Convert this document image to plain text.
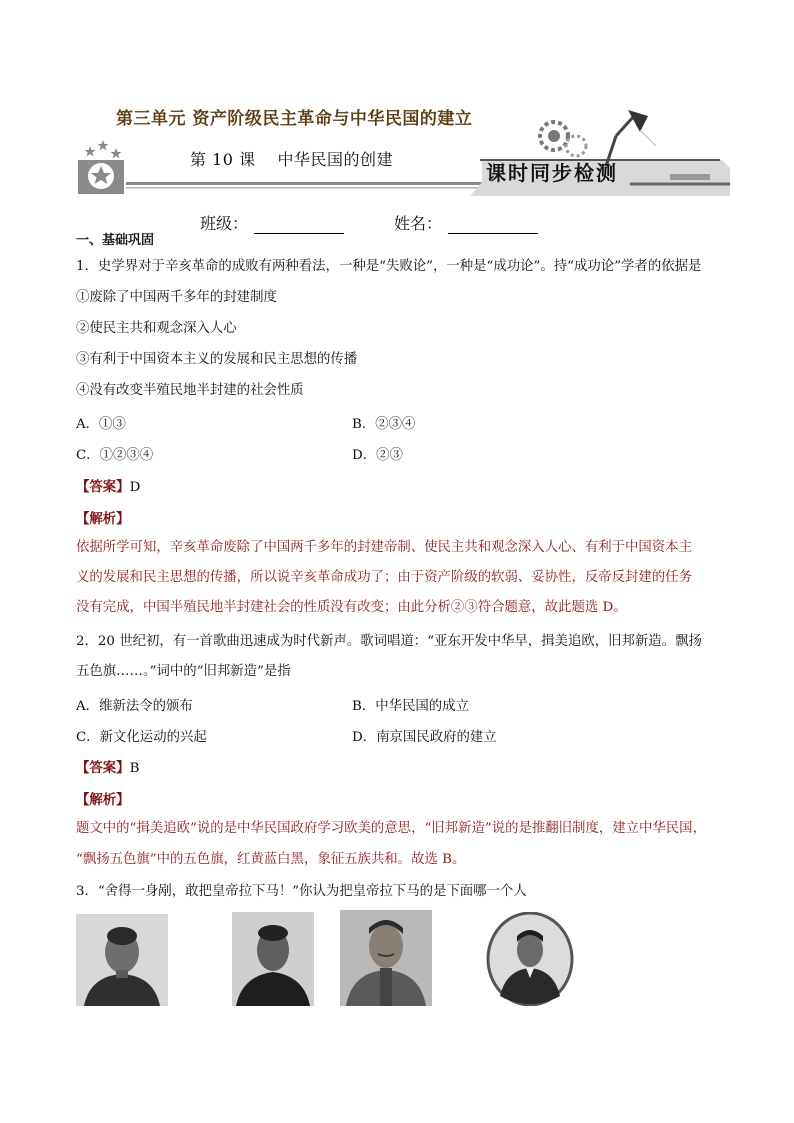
第三单元 资产阶级民主革命与中华民国的建立
第 10 课 中华民国的创建
课时同步检测
班级：	姓名：
一、基础巩固
1．史学界对于辛亥革命的成败有两种看法，一种是“失败论”，一种是“成功论”。持“成功论”学者的依据是
①废除了中国两千多年的封建制度
②使民主共和观念深入人心
③有利于中国资本主义的发展和民主思想的传播
④没有改变半殖民地半封建的社会性质
A．①③	B．②③④
C．①②③④	D．②③
【答案】D
【解析】
依据所学可知，辛亥革命废除了中国两千多年的封建帝制、使民主共和观念深入人心、有利于中国资本主
义的发展和民主思想的传播，所以说辛亥革命成功了；由于资产阶级的软弱、妥协性，反帝反封建的任务
没有完成，中国半殖民地半封建社会的性质没有改变；由此分析②③符合题意，故此题选 D。
2．20 世纪初，有一首歌曲迅速成为时代新声。歌词唱道：“亚东开发中华早，揖美追欧，旧邦新造。飘扬
五色旗……。”词中的“旧邦新造”是指
A．维新法令的颁布	B．中华民国的成立
C．新文化运动的兴起	D．南京国民政府的建立
【答案】B
【解析】
题文中的“揖美追欧”说的是中华民国政府学习欧美的意思，“旧邦新造”说的是推翻旧制度，建立中华民国，
“飘扬五色旗”中的五色旗，红黄蓝白黑，象征五族共和。故选 B。
3．“舍得一身剐，敢把皇帝拉下马！”你认为把皇帝拉下马的是下面哪一个人
